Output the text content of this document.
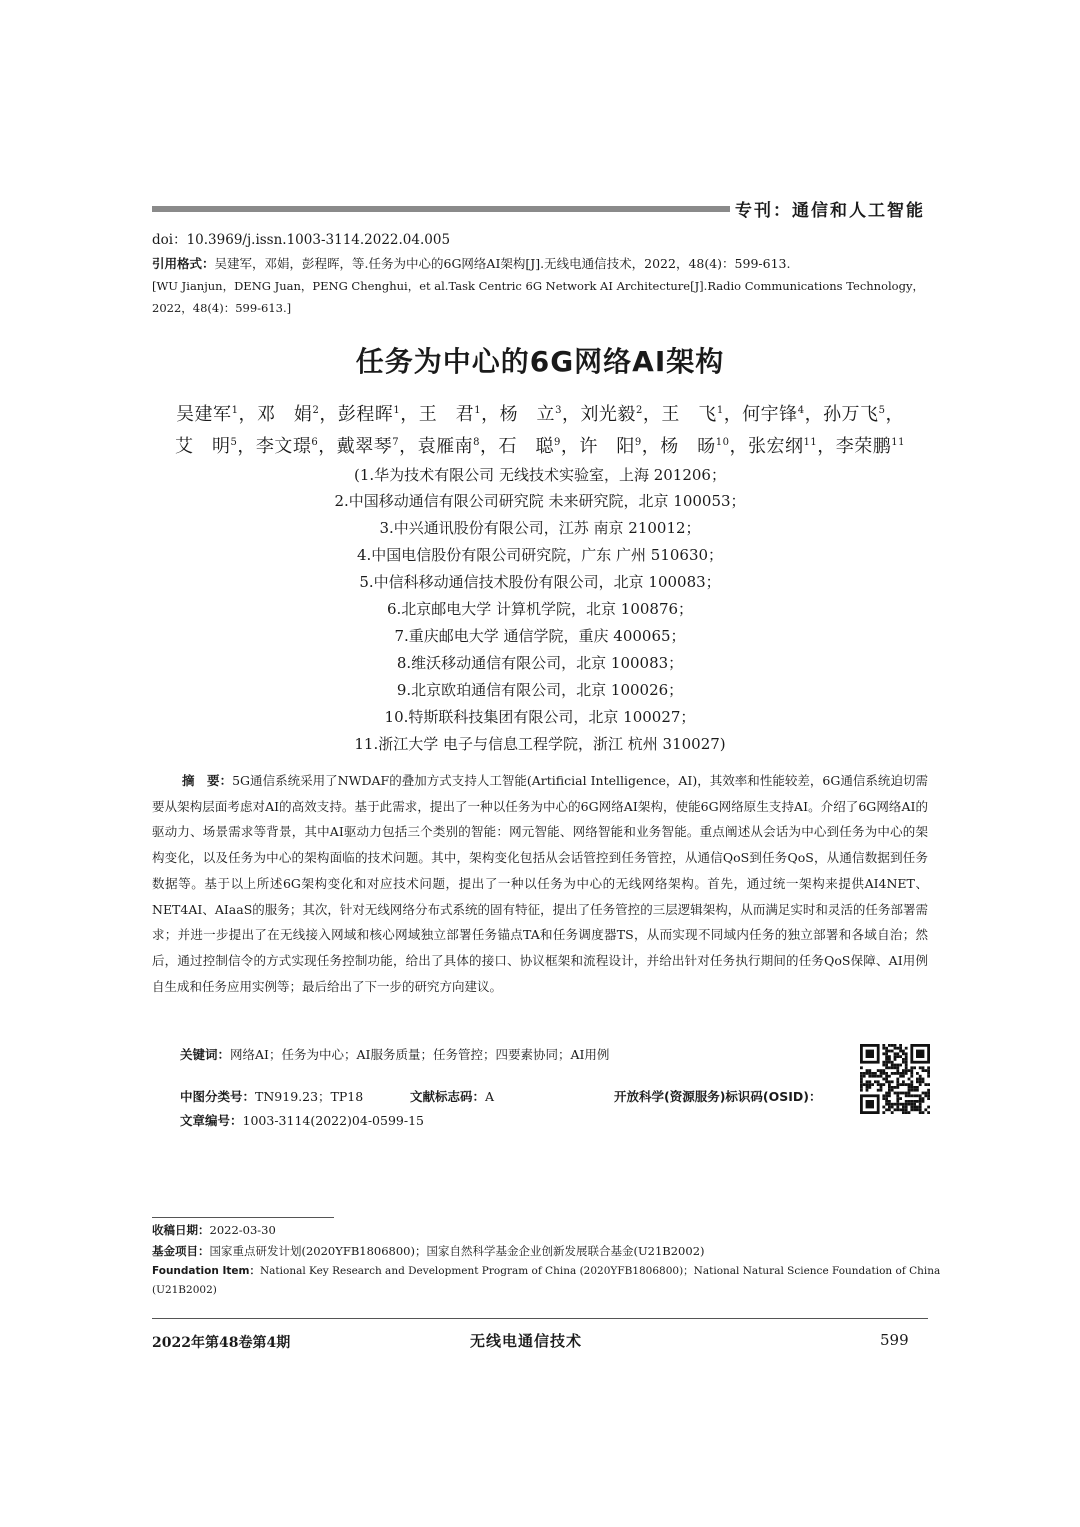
专刊：通信和人工智能
doi：10.3969/j.issn.1003-3114.2022.04.005
引用格式：吴建军，邓娟，彭程晖，等.任务为中心的6G网络AI架构[J].无线电通信技术，2022，48(4)：599-613.
[WU Jianjun，DENG Juan，PENG Chenghui，et al.Task Centric 6G Network AI Architecture[J].Radio Communications Technology，
2022，48(4)：599-613.]
任务为中心的6G网络AI架构
吴建军$^1$，邓　娟$^2$，彭程晖$^1$，王　君$^1$，杨　立$^3$，刘光毅$^2$，王　飞$^1$，何宇锋$^4$，孙万飞$^5$，
艾　明$^5$，李文璟$^6$，戴翠琴$^7$，袁雁南$^8$，石　聪$^9$，许　阳$^9$，杨　旸$^{10}$，张宏纲$^{11}$，李荣鹏$^{11}$
(1.华为技术有限公司 无线技术实验室，上海 201206；
2.中国移动通信有限公司研究院 未来研究院，北京 100053；
3.中兴通讯股份有限公司，江苏 南京 210012；
4.中国电信股份有限公司研究院，广东 广州 510630；
5.中信科移动通信技术股份有限公司，北京 100083；
6.北京邮电大学 计算机学院，北京 100876；
7.重庆邮电大学 通信学院，重庆 400065；
8.维沃移动通信有限公司，北京 100083；
9.北京欧珀通信有限公司，北京 100026；
10.特斯联科技集团有限公司，北京 100027；
11.浙江大学 电子与信息工程学院，浙江 杭州 310027)
摘　要：5G通信系统采用了NWDAF的叠加方式支持人工智能(Artificial Intelligence，AI)，其效率和性能较差，6G通信系统迫切需要从架构层面考虑对AI的高效支持。基于此需求，提出了一种以任务为中心的6G网络AI架构，使能6G网络原生支持AI。介绍了6G网络AI的驱动力、场景需求等背景，其中AI驱动力包括三个类别的智能：网元智能、网络智能和业务智能。重点阐述从会话为中心到任务为中心的架构变化，以及任务为中心的架构面临的技术问题。其中，架构变化包括从会话管控到任务管控，从通信QoS到任务QoS，从通信数据到任务数据等。基于以上所述6G架构变化和对应技术问题，提出了一种以任务为中心的无线网络架构。首先，通过统一架构来提供AI4NET、NET4AI、AIaaS的服务；其次，针对无线网络分布式系统的固有特征，提出了任务管控的三层逻辑架构，从而满足实时和灵活的任务部署需求；并进一步提出了在无线接入网域和核心网域独立部署任务锚点TA和任务调度器TS，从而实现不同域内任务的独立部署和各域自治；然后，通过控制信令的方式实现任务控制功能，给出了具体的接口、协议框架和流程设计，并给出针对任务执行期间的任务QoS保障、AI用例自生成和任务应用实例等；最后给出了下一步的研究方向建议。
关键词：网络AI；任务为中心；AI服务质量；任务管控；四要素协同；AI用例
中图分类号：TN919.23；TP18	文献标志码：A	开放科学(资源服务)标识码(OSID)：
文章编号：1003-3114(2022)04-0599-15
收稿日期：2022-03-30
基金项目：国家重点研发计划(2020YFB1806800)；国家自然科学基金企业创新发展联合基金(U21B2002)
Foundation Item：National Key Research and Development Program of China (2020YFB1806800)；National Natural Science Foundation of China
(U21B2002)
2022年第48卷第4期	无线电通信技术	599
